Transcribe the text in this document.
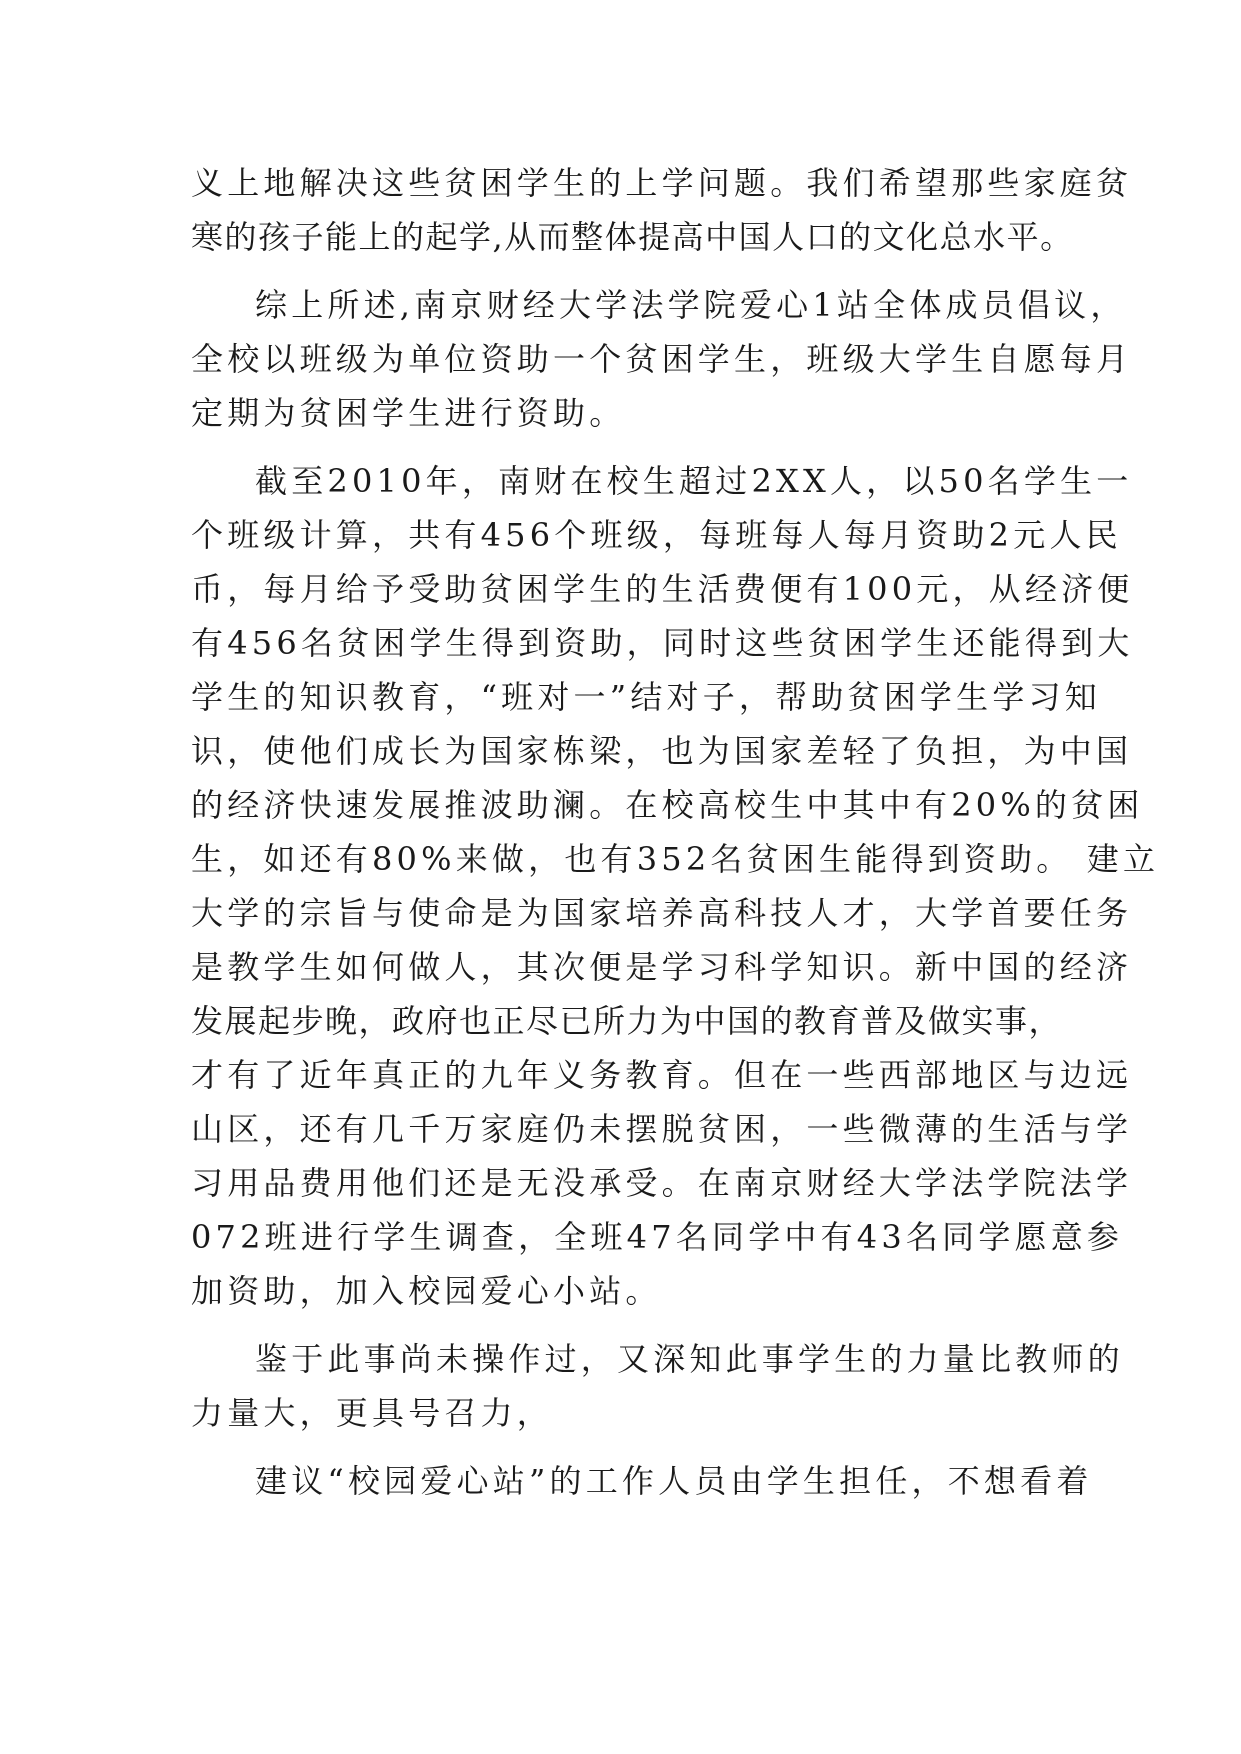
义上地解决这些贫困学生的上学问题。我们希望那些家庭贫
寒的孩子能上的起学,从而整体提高中国人口的文化总水平。
综上所述,南京财经大学法学院爱心1站全体成员倡议，
全校以班级为单位资助一个贫困学生，班级大学生自愿每月
定期为贫困学生进行资助。
截至2010年，南财在校生超过2XX人，以50名学生一
个班级计算，共有456个班级，每班每人每月资助2元人民
币，每月给予受助贫困学生的生活费便有100元，从经济便
有456名贫困学生得到资助，同时这些贫困学生还能得到大
学生的知识教育，“班对一”结对子，帮助贫困学生学习知
识，使他们成长为国家栋梁，也为国家差轻了负担，为中国
的经济快速发展推波助澜。在校高校生中其中有20%的贫困
生，如还有80%来做，也有352名贫困生能得到资助。 建立
大学的宗旨与使命是为国家培养高科技人才，大学首要任务
是教学生如何做人，其次便是学习科学知识。新中国的经济
发展起步晚，政府也正尽已所力为中国的教育普及做实事，
才有了近年真正的九年义务教育。但在一些西部地区与边远
山区，还有几千万家庭仍未摆脱贫困，一些微薄的生活与学
习用品费用他们还是无没承受。在南京财经大学法学院法学
072班进行学生调查，全班47名同学中有43名同学愿意参
加资助，加入校园爱心小站。
鉴于此事尚未操作过，又深知此事学生的力量比教师的
力量大，更具号召力，
建议“校园爱心站”的工作人员由学生担任，不想看着
